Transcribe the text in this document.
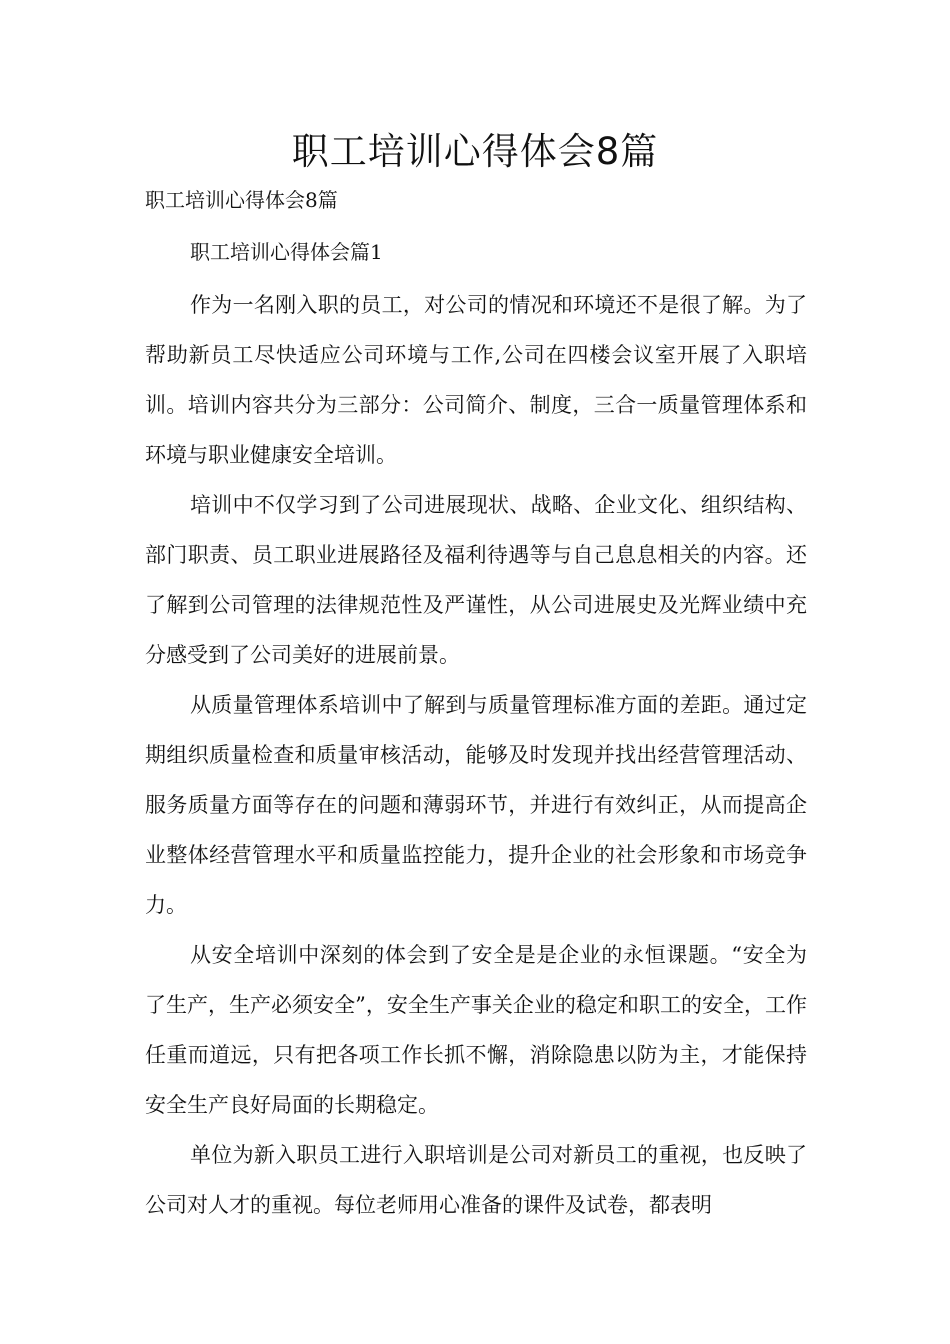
职工培训心得体会8篇

职工培训心得体会8篇

职工培训心得体会篇1

作为一名刚入职的员工，对公司的情况和环境还不是很了解。为了帮助新员工尽快适应公司环境与工作,公司在四楼会议室开展了入职培训。培训内容共分为三部分：公司简介、制度，三合一质量管理体系和环境与职业健康安全培训。

培训中不仅学习到了公司进展现状、战略、企业文化、组织结构、部门职责、员工职业进展路径及福利待遇等与自己息息相关的内容。还了解到公司管理的法律规范性及严谨性，从公司进展史及光辉业绩中充分感受到了公司美好的进展前景。

从质量管理体系培训中了解到与质量管理标准方面的差距。通过定期组织质量检查和质量审核活动，能够及时发现并找出经营管理活动、服务质量方面等存在的问题和薄弱环节，并进行有效纠正，从而提高企业整体经营管理水平和质量监控能力，提升企业的社会形象和市场竞争力。

从安全培训中深刻的体会到了安全是是企业的永恒课题。“安全为了生产，生产必须安全”，安全生产事关企业的稳定和职工的安全，工作任重而道远，只有把各项工作长抓不懈，消除隐患以防为主，才能保持安全生产良好局面的长期稳定。

单位为新入职员工进行入职培训是公司对新员工的重视，也反映了公司对人才的重视。每位老师用心准备的课件及试卷，都表明
